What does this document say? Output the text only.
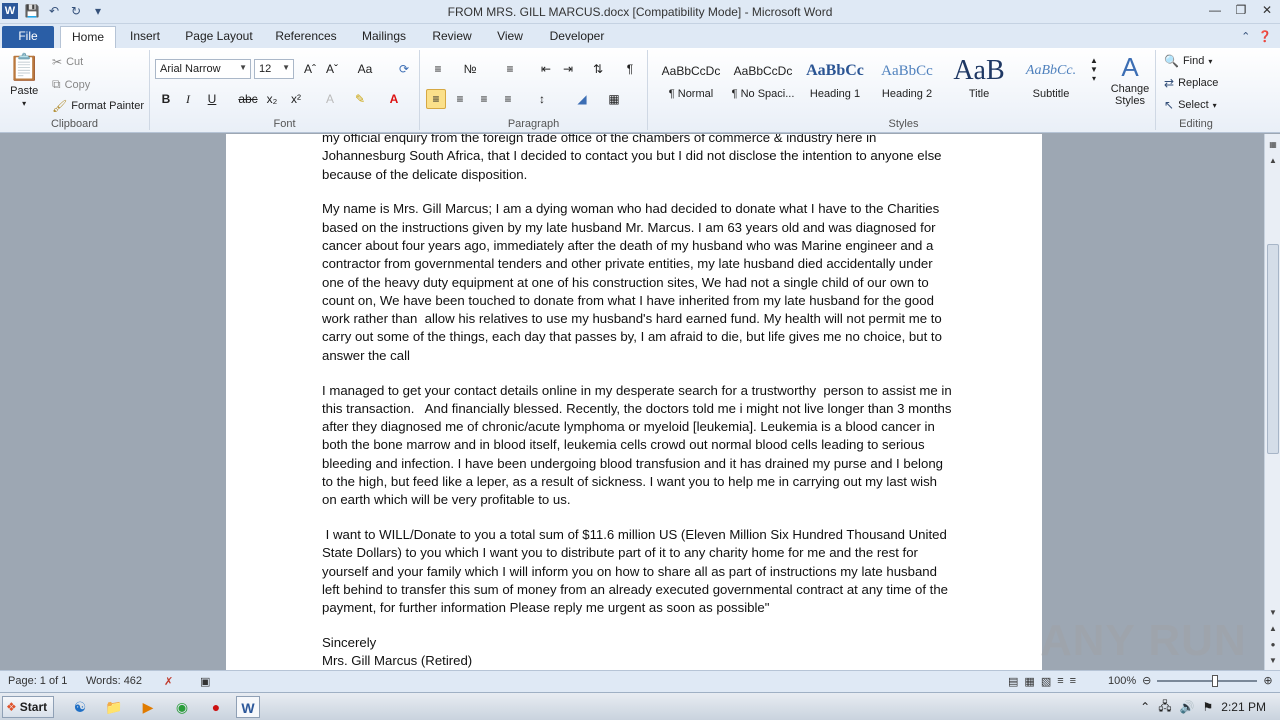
W 💾 ↶ ↻	▾	FROM MRS. GILL MARCUS.docx [Compatibility Mode] - Microsoft Word	—	❐	✕
File	Home	Insert	Page Layout	References	Mailings	Review	View	Developer	⌃ ❓
📋
Paste
▾
✂ Cut
⧉ Copy
🖌 Format Painter
Clipboard
Arial Narrow ▼	12 ▼	Aˆ Aˇ	Aa	⟳
B	I	U	abc x₂	x²	A	✎	A
Font
≡	№	≡	⇤ ⇥	⇅	¶
≡	≡	≡	≡	↕	◢	▦
Paragraph
AaBbCcDc
¶ Normal
AaBbCcDc
¶ No Spaci...
AaBbCc
Heading 1
AaBbCc
Heading 2
AaB
Title
AaBbCc.
Subtitle
▲
▼
▾ A
Change Styles
Styles
🔍 Find ▾
⇄ Replace
↖ Select ▾
Editing

my official enquiry from the foreign trade office of the chambers of commerce & industry here in Johannesburg South Africa, that I decided to contact you but I did not disclose the intention to anyone else because of the delicate disposition.

My name is Mrs. Gill Marcus; I am a dying woman who had decided to donate what I have to the Charities based on the instructions given by my late husband Mr. Marcus. I am 63 years old and was diagnosed for cancer about four years ago, immediately after the death of my husband who was Marine engineer and a contractor from governmental tenders and other private entities, my late husband died accidentally under one of the heavy duty equipment at one of his construction sites, We had not a single child of our own to count on, We have been touched to donate from what I have inherited from my late husband for the good work rather than  allow his relatives to use my husband's hard earned fund. My health will not permit me to carry out some of the things, each day that passes by, I am afraid to die, but life gives me no choice, but to answer the call

I managed to get your contact details online in my desperate search for a trustworthy  person to assist me in this transaction.   And financially blessed. Recently, the doctors told me i might not live longer than 3 months after they diagnosed me of chronic/acute lymphoma or myeloid [leukemia]. Leukemia is a blood cancer in both the bone marrow and in blood itself, leukemia cells crowd out normal blood cells leading to serious bleeding and infection. I have been undergoing blood transfusion and it has drained my purse and I belong to the high, but feed like a leper, as a result of sickness. I want you to help me in carrying out my last wish on earth which will be very profitable to us.

I want to WILL/Donate to you a total sum of $11.6 million US (Eleven Million Six Hundred Thousand United State Dollars) to you which I want you to distribute part of it to any charity home for me and the rest for yourself and your family which I will inform you on how to share all as part of instructions my late husband left behind to transfer this sum of money from an already executed governmental contract at any time of the payment, for further information Please reply me urgent as soon as possible"

Sincerely

Mrs. Gill Marcus (Retired)

▦
▲
▼
▲
●
▼
ANY RUN
Page: 1 of 1 Words: 462 ✗ ▣	▤ ▦ ▧ ≡ ≡	100% ⊖	⊕
❖ Start	☯	📁	▶	◉	●	W	⌃ 🖧 🔊 ⚑ 2:21 PM
